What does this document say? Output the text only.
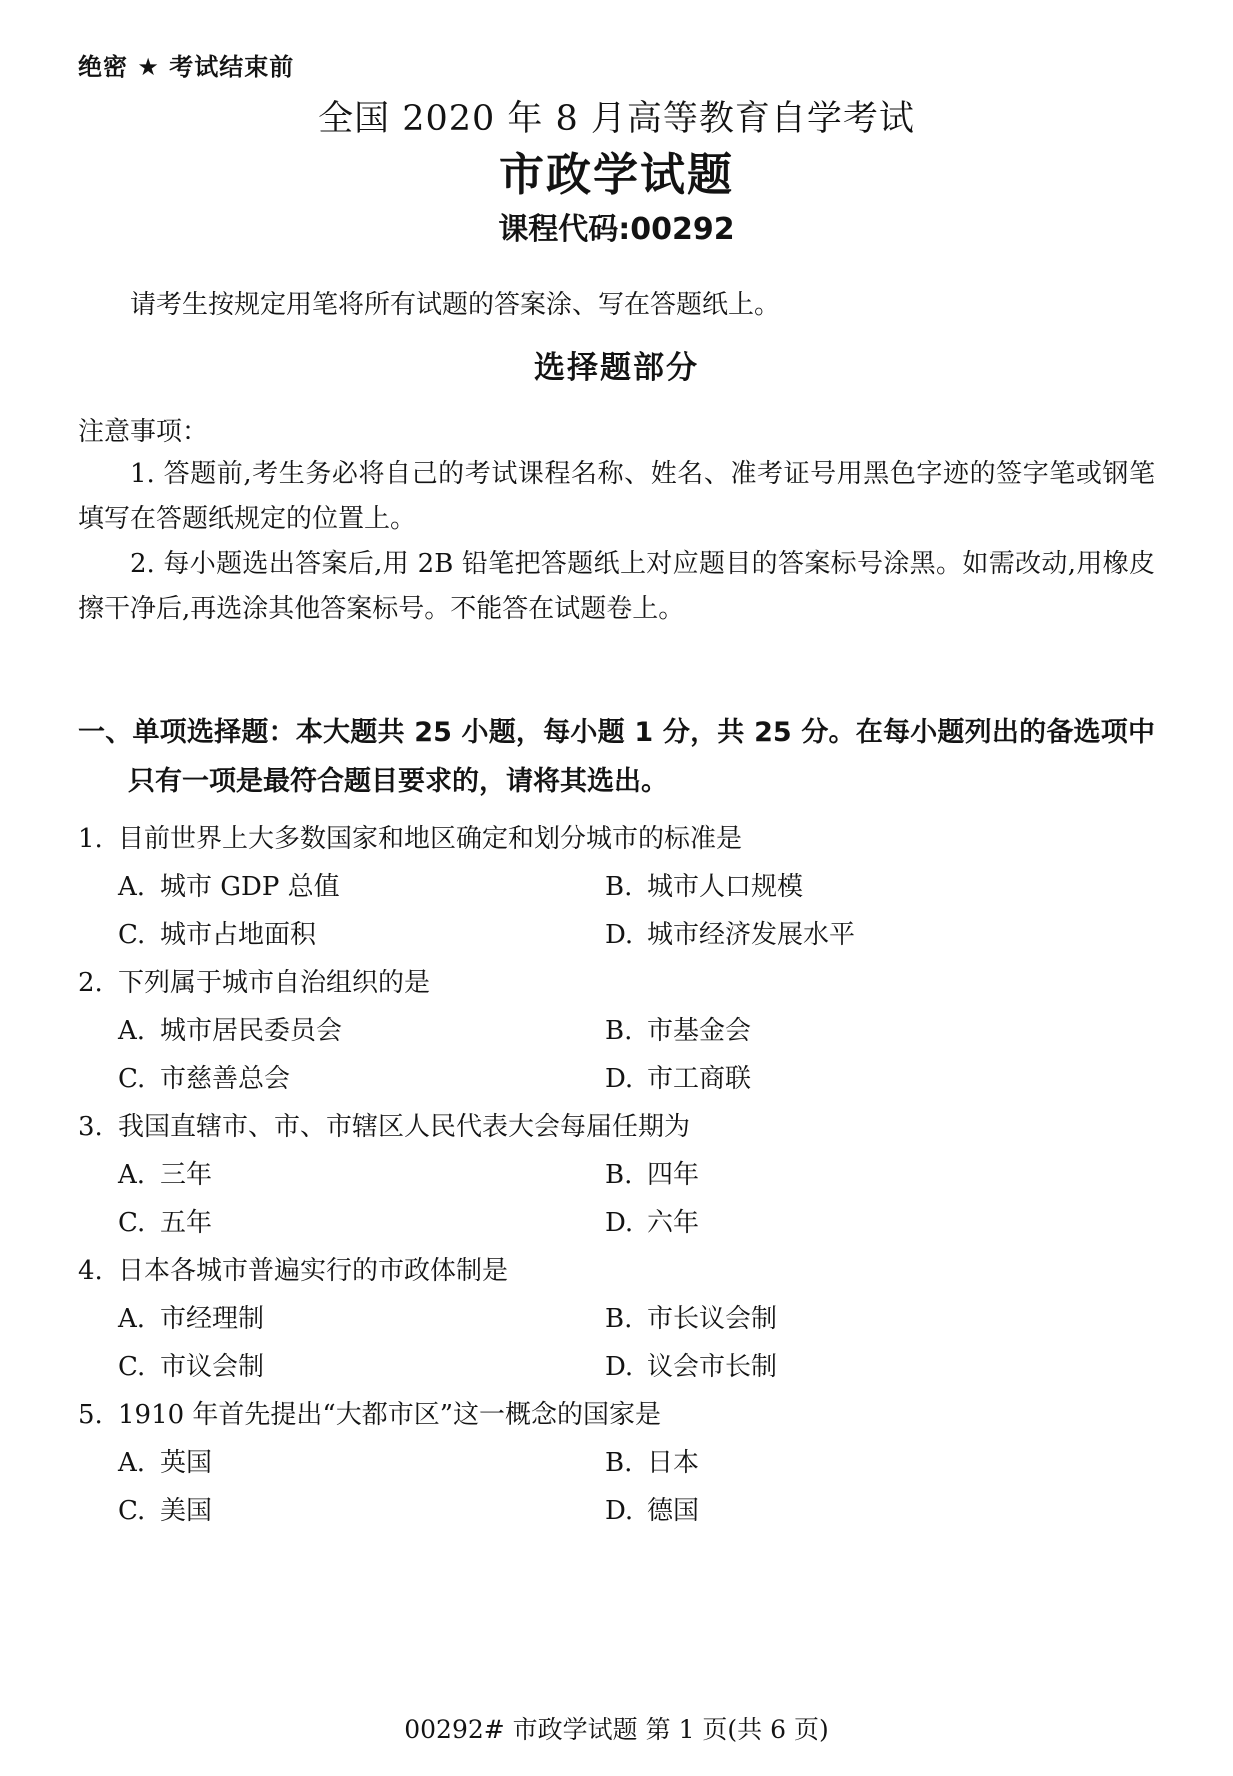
绝密 ★ 考试结束前
全国 2020 年 8 月高等教育自学考试
市政学试题
课程代码:00292

请考生按规定用笔将所有试题的答案涂、写在答题纸上。

选择题部分
注意事项：

1. 答题前,考生务必将自己的考试课程名称、姓名、准考证号用黑色字迹的签字笔或钢笔填写在答题纸规定的位置上。

2. 每小题选出答案后,用 2B 铅笔把答题纸上对应题目的答案标号涂黑。如需改动,用橡皮擦干净后,再选涂其他答案标号。不能答在试题卷上。

一、单项选择题：本大题共 25 小题，每小题 1 分，共 25 分。在每小题列出的备选项中只有一项是最符合题目要求的，请将其选出。
1. 目前世界上大多数国家和地区确定和划分城市的标准是
A. 城市 GDP 总值	B. 城市人口规模
C. 城市占地面积	D. 城市经济发展水平
2. 下列属于城市自治组织的是
A. 城市居民委员会	B. 市基金会
C. 市慈善总会	D. 市工商联
3. 我国直辖市、市、市辖区人民代表大会每届任期为
A. 三年	B. 四年
C. 五年	D. 六年
4. 日本各城市普遍实行的市政体制是
A. 市经理制	B. 市长议会制
C. 市议会制	D. 议会市长制
5. 1910 年首先提出“大都市区”这一概念的国家是
A. 英国	B. 日本
C. 美国	D. 德国
00292# 市政学试题 第 1 页(共 6 页)
